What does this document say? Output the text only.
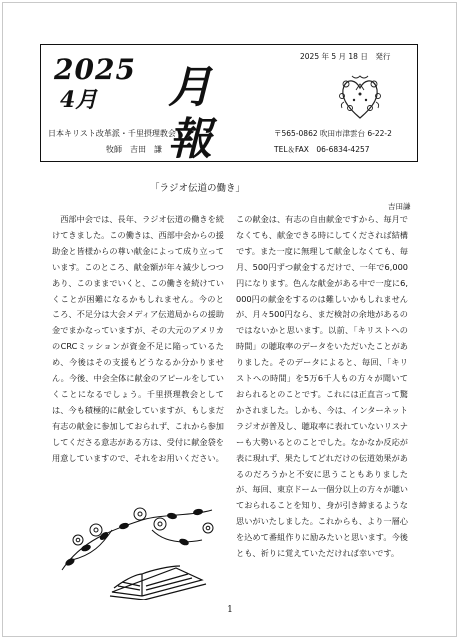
2025
4月 月 報
2025 年 5 月 18 日　発行
日本キリスト改革派・千里摂理教会
牧師　吉田　謙
〒565-0862 吹田市津雲台 6-22-2
TEL＆FAX　06-6834-4257
「ラジオ伝道の働き」
吉田謙

西部中会では、長年、ラジオ伝道の働きを続けてきました。この働きは、西部中会からの援助金と皆様からの尊い献金によって成り立っています。このところ、献金額が年々減少しつつあり、このままでいくと、この働きを続けていくことが困難になるかもしれません。今のところ、不足分は大会メディア伝道局からの援助金でまかなっていますが、その大元のアメリカのCRCミッションが資金不足に陥っているため、今後はその支援もどうなるか分かりません。今後、中会全体に献金のアピールをしていくことになるでしょう。千里摂理教会としては、今も積極的に献金していますが、もしまだ有志の献金に参加しておられず、これから参加してくださる意志がある方は、受付に献金袋を用意していますので、それをお用いください。

この献金は、有志の自由献金ですから、毎月でなくても、献金できる時にしてくだされば結構です。また一度に無理して献金しなくても、毎月、500円ずつ献金するだけで、一年で6,000円になります。色んな献金がある中で一度に6,000円の献金をするのは難しいかもしれませんが、月々500円なら、まだ検討の余地があるのではないかと思います。以前、「キリストへの時間」の聴取率のデータをいただいたことがありました。そのデータによると、毎回、「キリストへの時間」を5万6千人もの方々が聞いておられるとのことです。これには正直言って驚かされました。しかも、今は、インターネットラジオが普及し、聴取率に表れていないリスナーも大勢いるとのことでした。なかなか反応が表に現れず、果たしてどれだけの伝道効果があるのだろうかと不安に思うこともありましたが、毎回、東京ドーム一個分以上の方々が聴いておられることを知り、身が引き締まるような思いがいたしました。これからも、より一層心を込めて番組作りに励みたいと思います。今後とも、祈りに覚えていただければ幸いです。

1
